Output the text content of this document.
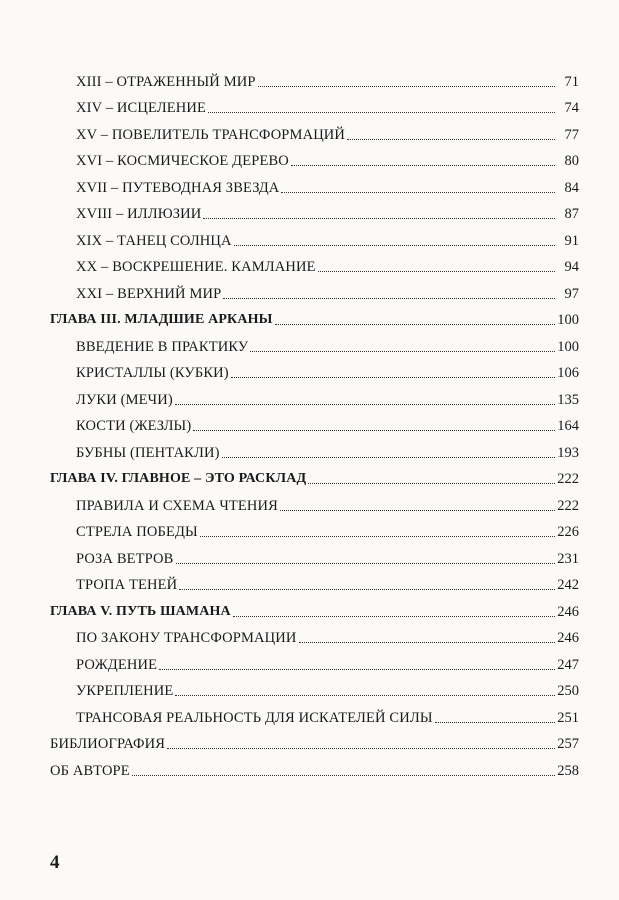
XIII – ОТРАЖЕННЫЙ МИР	71
XIV – ИСЦЕЛЕНИЕ	74
XV – ПОВЕЛИТЕЛЬ ТРАНСФОРМАЦИЙ	77
XVI – КОСМИЧЕСКОЕ ДЕРЕВО	80
XVII – ПУТЕВОДНАЯ ЗВЕЗДА	84
XVIII – ИЛЛЮЗИИ	87
XIX – ТАНЕЦ СОЛНЦА	91
XX – ВОСКРЕШЕНИЕ. КАМЛАНИЕ	94
XXI – ВЕРХНИЙ МИР	97
ГЛАВА III. МЛАДШИЕ АРКАНЫ	100
ВВЕДЕНИЕ В ПРАКТИКУ	100
КРИСТАЛЛЫ (КУБКИ)	106
ЛУКИ (МЕЧИ)	135
КОСТИ (ЖЕЗЛЫ)	164
БУБНЫ (ПЕНТАКЛИ)	193
ГЛАВА IV. ГЛАВНОЕ – ЭТО РАСКЛАД	222
ПРАВИЛА И СХЕМА ЧТЕНИЯ	222
СТРЕЛА ПОБЕДЫ	226
РОЗА ВЕТРОВ	231
ТРОПА ТЕНЕЙ	242
ГЛАВА V. ПУТЬ ШАМАНА	246
ПО ЗАКОНУ ТРАНСФОРМАЦИИ	246
РОЖДЕНИЕ	247
УКРЕПЛЕНИЕ	250
ТРАНСОВАЯ РЕАЛЬНОСТЬ ДЛЯ ИСКАТЕЛЕЙ СИЛЫ	251
БИБЛИОГРАФИЯ	257
ОБ АВТОРЕ	258
4
